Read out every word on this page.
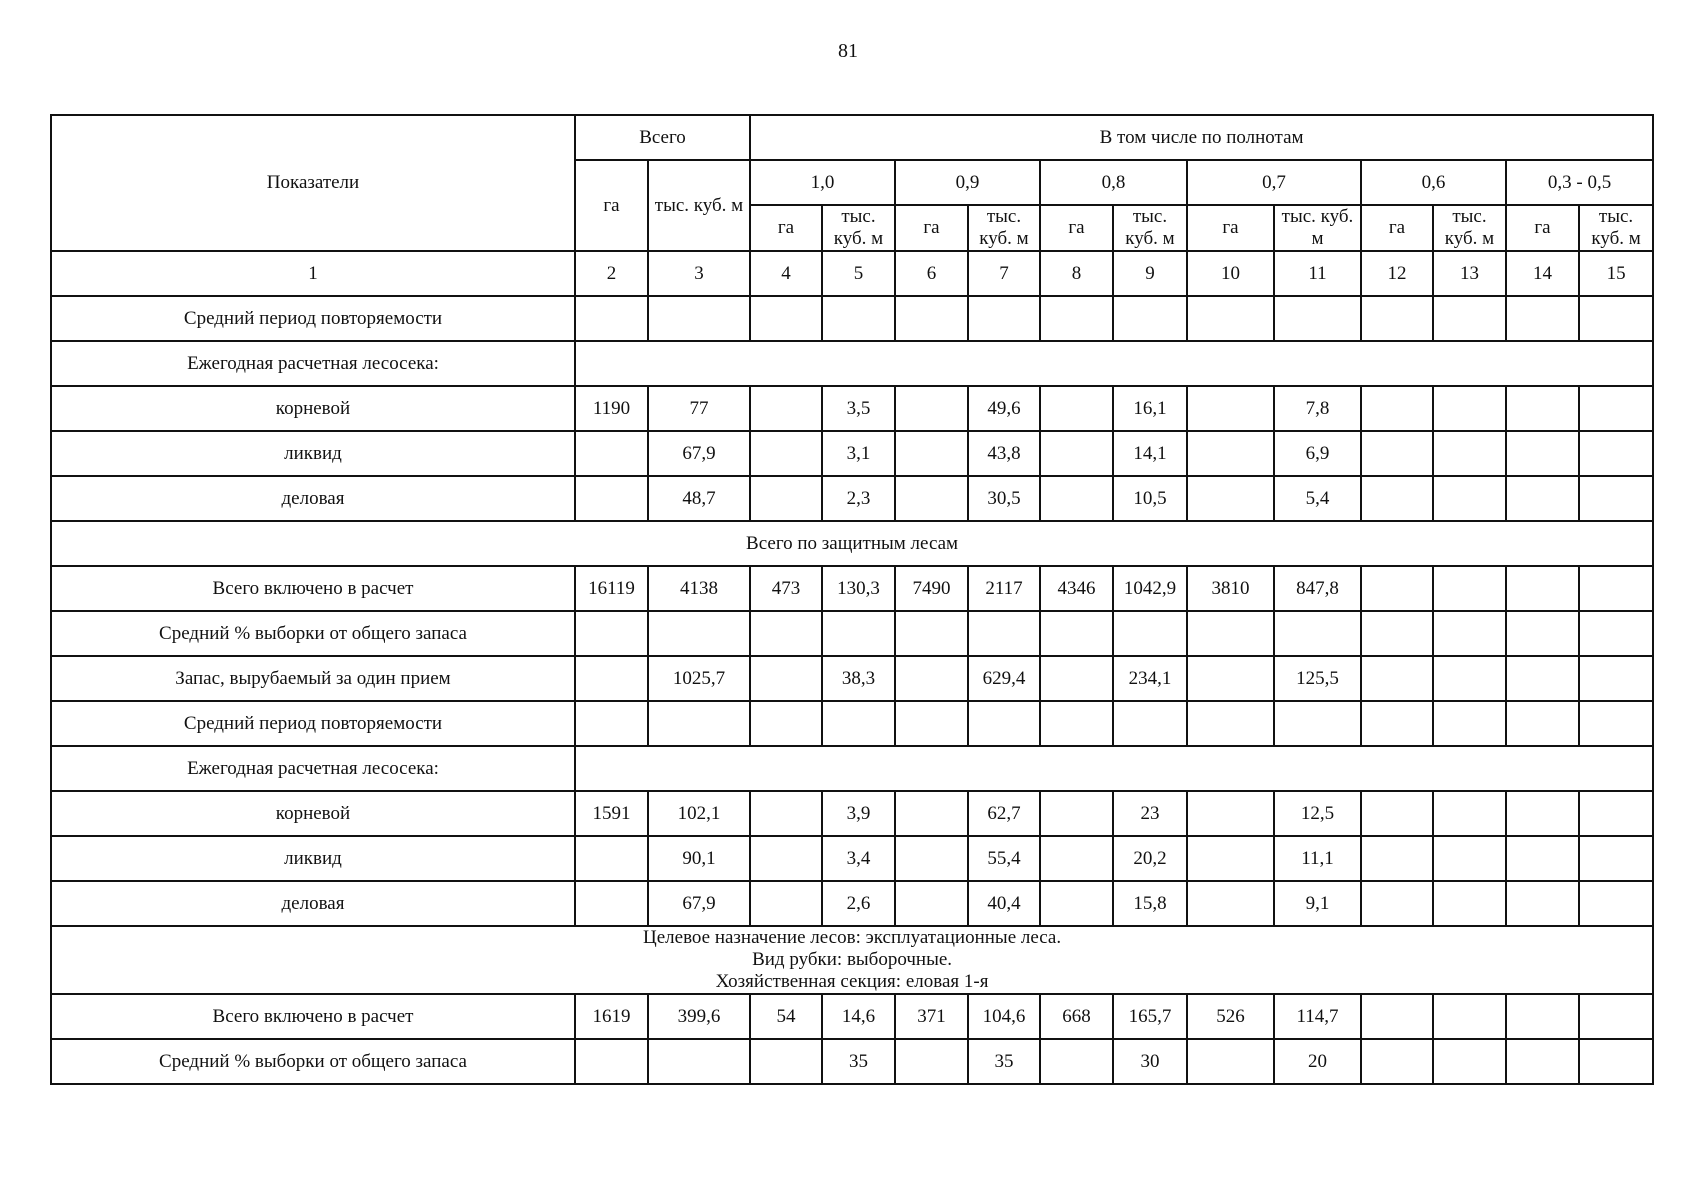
81
Показатели	Всего		В том числе по полнотам											
	га	тыс. куб. м	1,0		0,9		0,8		0,7		0,6		0,3 - 0,5	
			га	тыс. куб. м	га	тыс. куб. м	га	тыс. куб. м	га	тыс. куб. м	га	тыс. куб. м	га	тыс. куб. м
1	2	3	4	5	6	7	8	9	10	11	12	13	14	15
Средний период повторяемости														
Ежегодная расчетная лесосека:														
корневой	1190	77		3,5		49,6		16,1		7,8				
ликвид		67,9		3,1		43,8		14,1		6,9				
деловая		48,7		2,3		30,5		10,5		5,4				
Всего по защитным лесам														
Всего включено в расчет	16119	4138	473	130,3	7490	2117	4346	1042,9	3810	847,8				
Средний % выборки от общего запаса														
Запас, вырубаемый за один прием		1025,7		38,3		629,4		234,1		125,5				
Средний период повторяемости														
Ежегодная расчетная лесосека:														
корневой	1591	102,1		3,9		62,7		23		12,5				
ликвид		90,1		3,4		55,4		20,2		11,1				
деловая		67,9		2,6		40,4		15,8		9,1				

Целевое назначение лесов: эксплуатационные леса.
Вид рубки: выборочные.
Хозяйственная секция: еловая 1-я														

Всего включено в расчет	1619	399,6	54	14,6	371	104,6	668	165,7	526	114,7				
Средний % выборки от общего запаса				35		35		30		20				
